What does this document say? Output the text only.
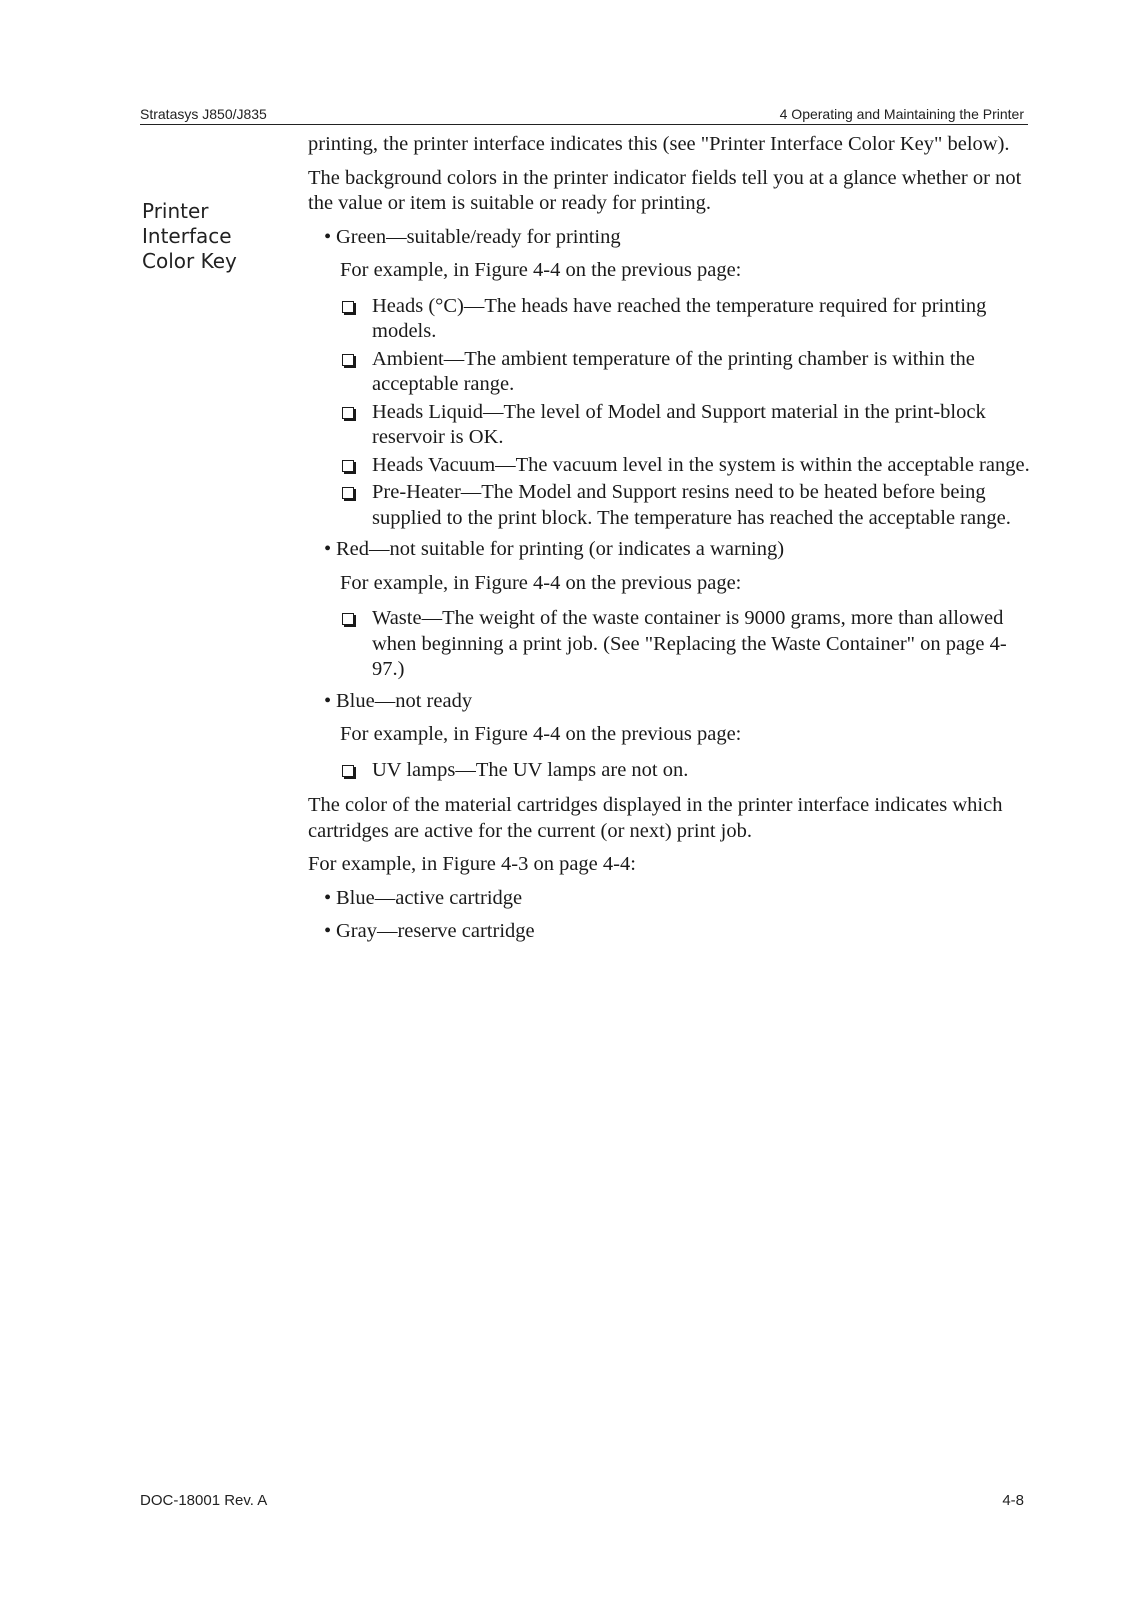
Stratasys J850/J835	4 Operating and Maintaining the Printer
Printer
Interface
Color Key

printing, the printer interface indicates this (see "Printer Interface Color Key" below).

The background colors in the printer indicator fields tell you at a glance whether or not the value or item is suitable or ready for printing.

• Green—suitable/ready for printing
For example, in Figure 4-4 on the previous page:
Heads (°C)—The heads have reached the temperature required for printing models.
Ambient—The ambient temperature of the printing chamber is within the acceptable range.
Heads Liquid—The level of Model and Support material in the print-block reservoir is OK.
Heads Vacuum—The vacuum level in the system is within the acceptable range.
Pre-Heater—The Model and Support resins need to be heated before being supplied to the print block. The temperature has reached the acceptable range.
• Red—not suitable for printing (or indicates a warning)
For example, in Figure 4-4 on the previous page:
Waste—The weight of the waste container is 9000 grams, more than allowed when beginning a print job. (See "Replacing the Waste Container" on page 4-97.)
• Blue—not ready
For example, in Figure 4-4 on the previous page:
UV lamps—The UV lamps are not on.

The color of the material cartridges displayed in the printer interface indicates which cartridges are active for the current (or next) print job.

For example, in Figure 4-3 on page 4-4:

• Blue—active cartridge
• Gray—reserve cartridge
DOC-18001 Rev. A	4-8
